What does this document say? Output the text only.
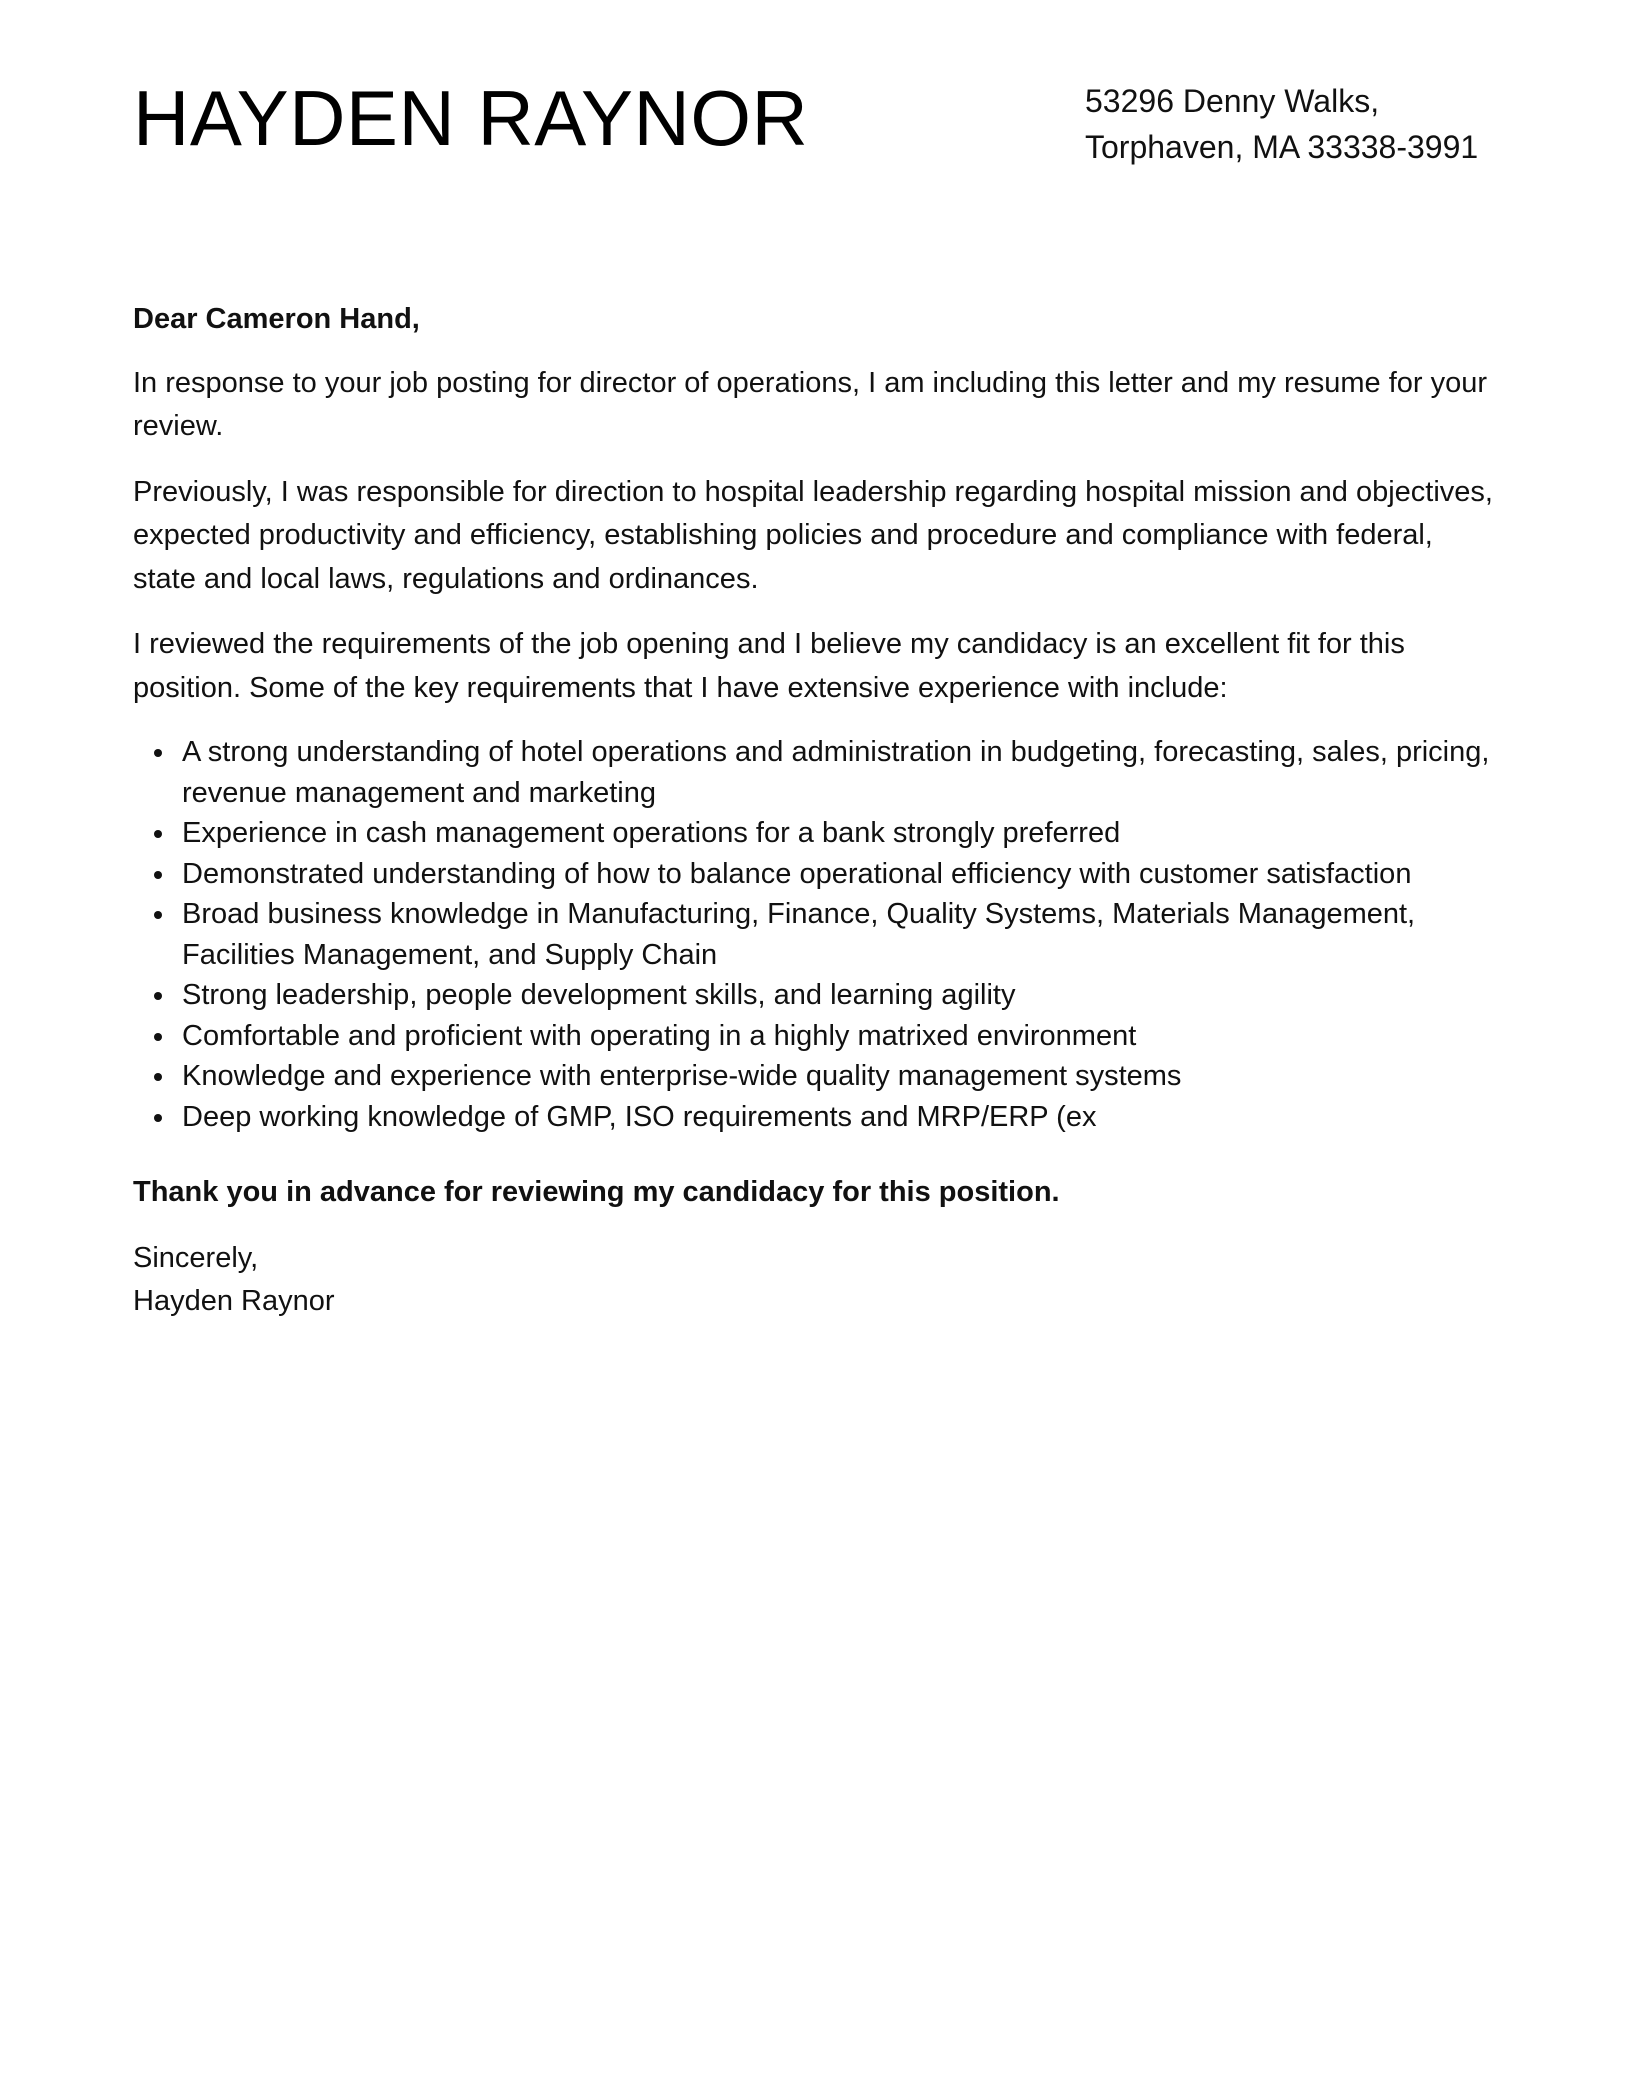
HAYDEN RAYNOR	53296 Denny Walks,
Torphaven, MA 33338-3991

Dear Cameron Hand,

In response to your job posting for director of operations, I am including this letter and my resume for your review.

Previously, I was responsible for direction to hospital leadership regarding hospital mission and objectives, expected productivity and efficiency, establishing policies and procedure and compliance with federal, state and local laws, regulations and ordinances.

I reviewed the requirements of the job opening and I believe my candidacy is an excellent fit for this position. Some of the key requirements that I have extensive experience with include:

A strong understanding of hotel operations and administration in budgeting, forecasting, sales, pricing, revenue management and marketing
Experience in cash management operations for a bank strongly preferred
Demonstrated understanding of how to balance operational efficiency with customer satisfaction
Broad business knowledge in Manufacturing, Finance, Quality Systems, Materials Management, Facilities Management, and Supply Chain
Strong leadership, people development skills, and learning agility
Comfortable and proficient with operating in a highly matrixed environment
Knowledge and experience with enterprise-wide quality management systems
Deep working knowledge of GMP, ISO requirements and MRP/ERP (ex

Thank you in advance for reviewing my candidacy for this position.

Sincerely,
Hayden Raynor
